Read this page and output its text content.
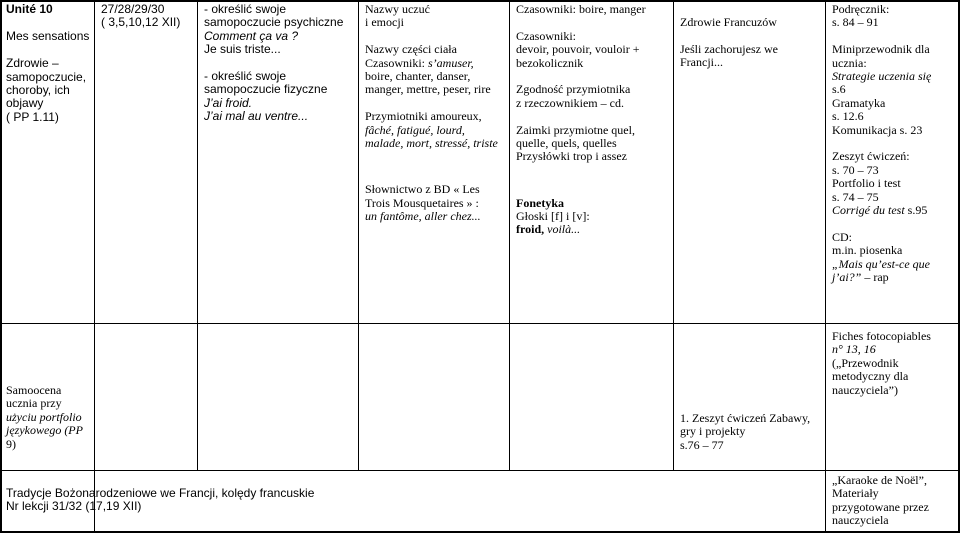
Unité 10
Mes sensations
Zdrowie –
samopoczucie,
choroby, ich
objawy
( PP 1.11)
27/28/29/30
( 3,5,10,12 XII)
- określić swoje
samopoczucie psychiczne
Comment ça va ?
Je suis triste...
- określić swoje
samopoczucie fizyczne
J’ai froid.
J’ai mal au ventre...
Nazwy uczuć
i emocji
Nazwy części ciała
Czasowniki: s’amuser,
boire, chanter, danser,
manger, mettre, peser, rire
Przymiotniki amoureux,
fâché, fatigué, lourd,
malade, mort, stressé, triste
Słownictwo z BD « Les
Trois Mousquetaires » :
un fantôme, aller chez...
Czasowniki: boire, manger
Czasowniki:
devoir, pouvoir, vouloir +
bezokolicznik
Zgodność przymiotnika
z rzeczownikiem – cd.
Zaimki przymiotne quel,
quelle, quels, quelles
Przysłówki trop i assez
Fonetyka
Głoski [f] i [v]:
froid, voilà...
Zdrowie Francuzów
Jeśli zachorujesz we
Francji...
Podręcznik:
s. 84 – 91
Miniprzewodnik dla
ucznia:
Strategie uczenia się
s.6
Gramatyka
s. 12.6
Komunikacja s. 23
Zeszyt ćwiczeń:
s. 70 – 73
Portfolio i test
s. 74 – 75
Corrigé du test s.95
CD:
m.in. piosenka
„Mais qu’est-ce que
j’ai?” – rap
Samoocena
ucznia przy
użyciu portfolio
językowego (PP
9)
1. Zeszyt ćwiczeń Zabawy,
gry i projekty
s.76 – 77
Fiches fotocopiables
n° 13, 16
(„Przewodnik
metodyczny dla
nauczyciela”)
Tradycje Bożonarodzeniowe we Francji, kolędy francuskie
Nr lekcji 31/32 (17,19 XII)
„Karaoke de Noël”,
Materiały
przygotowane przez
nauczyciela
